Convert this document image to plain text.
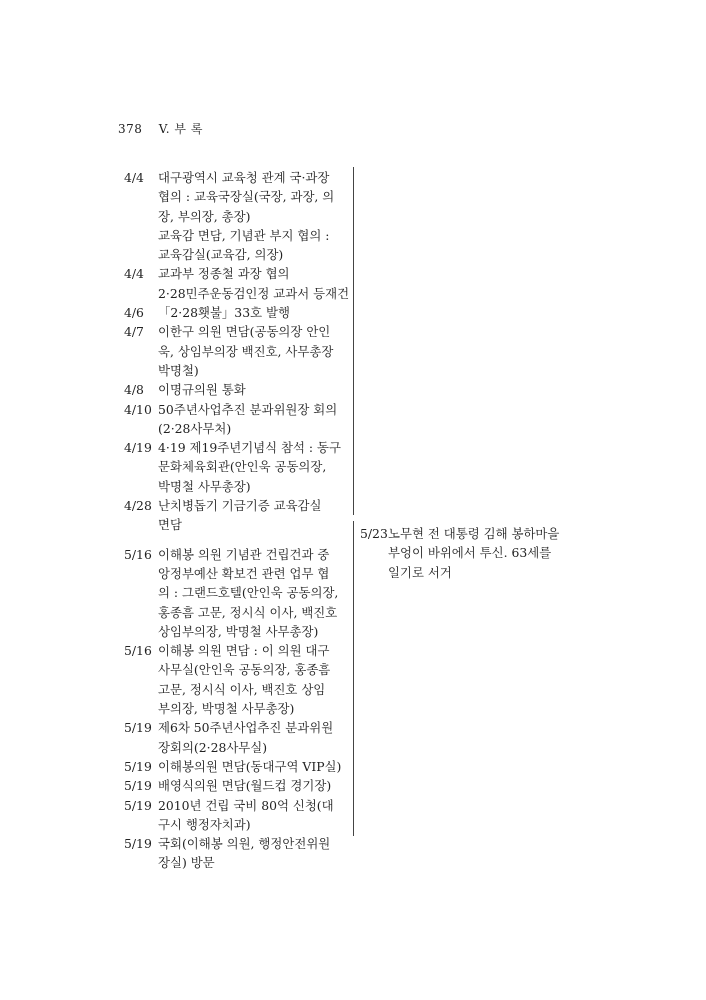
378 V. 부 록
4/4	대구광역시 교육청 관계 국·과장
협의 : 교육국장실(국장, 과장, 의
장, 부의장, 총장)
교육감 면담, 기념관 부지 협의 :
교육감실(교육감, 의장)
4/4	교과부 정종철 과장 협의
2·28민주운동검인정 교과서 등재건
4/6	「2·28횃불」33호 발행
4/7	이한구 의원 면담(공동의장 안인
욱, 상임부의장 백진호, 사무총장
박명철)
4/8	이명규의원 통화
4/10 50주년사업추진 분과위원장 회의
(2·28사무처)
4/19 4·19 제19주년기념식 참석 : 동구
문화체육회관(안인욱 공동의장,
박명철 사무총장)
4/28 난치병돕기 기금기증 교육감실
면담
5/16 이해봉 의원 기념관 건립건과 중
앙정부예산 확보건 관련 업무 협
의 : 그랜드호텔(안인욱 공동의장,
홍종흠 고문, 정시식 이사, 백진호
상임부의장, 박명철 사무총장)
5/16 이해봉 의원 면담 : 이 의원 대구
사무실(안인욱 공동의장, 홍종흠
고문, 정시식 이사, 백진호 상임
부의장, 박명철 사무총장)
5/19 제6차 50주년사업추진 분과위원
장회의(2·28사무실)
5/19 이해봉의원 면담(동대구역 VIP실)
5/19 배영식의원 면담(월드컵 경기장)
5/19 2010년 건립 국비 80억 신청(대
구시 행정자치과)
5/19 국회(이해봉 의원, 행정안전위원
장실) 방문
5/23 노무현 전 대통령 김해 봉하마을
부엉이 바위에서 투신. 63세를
일기로 서거
